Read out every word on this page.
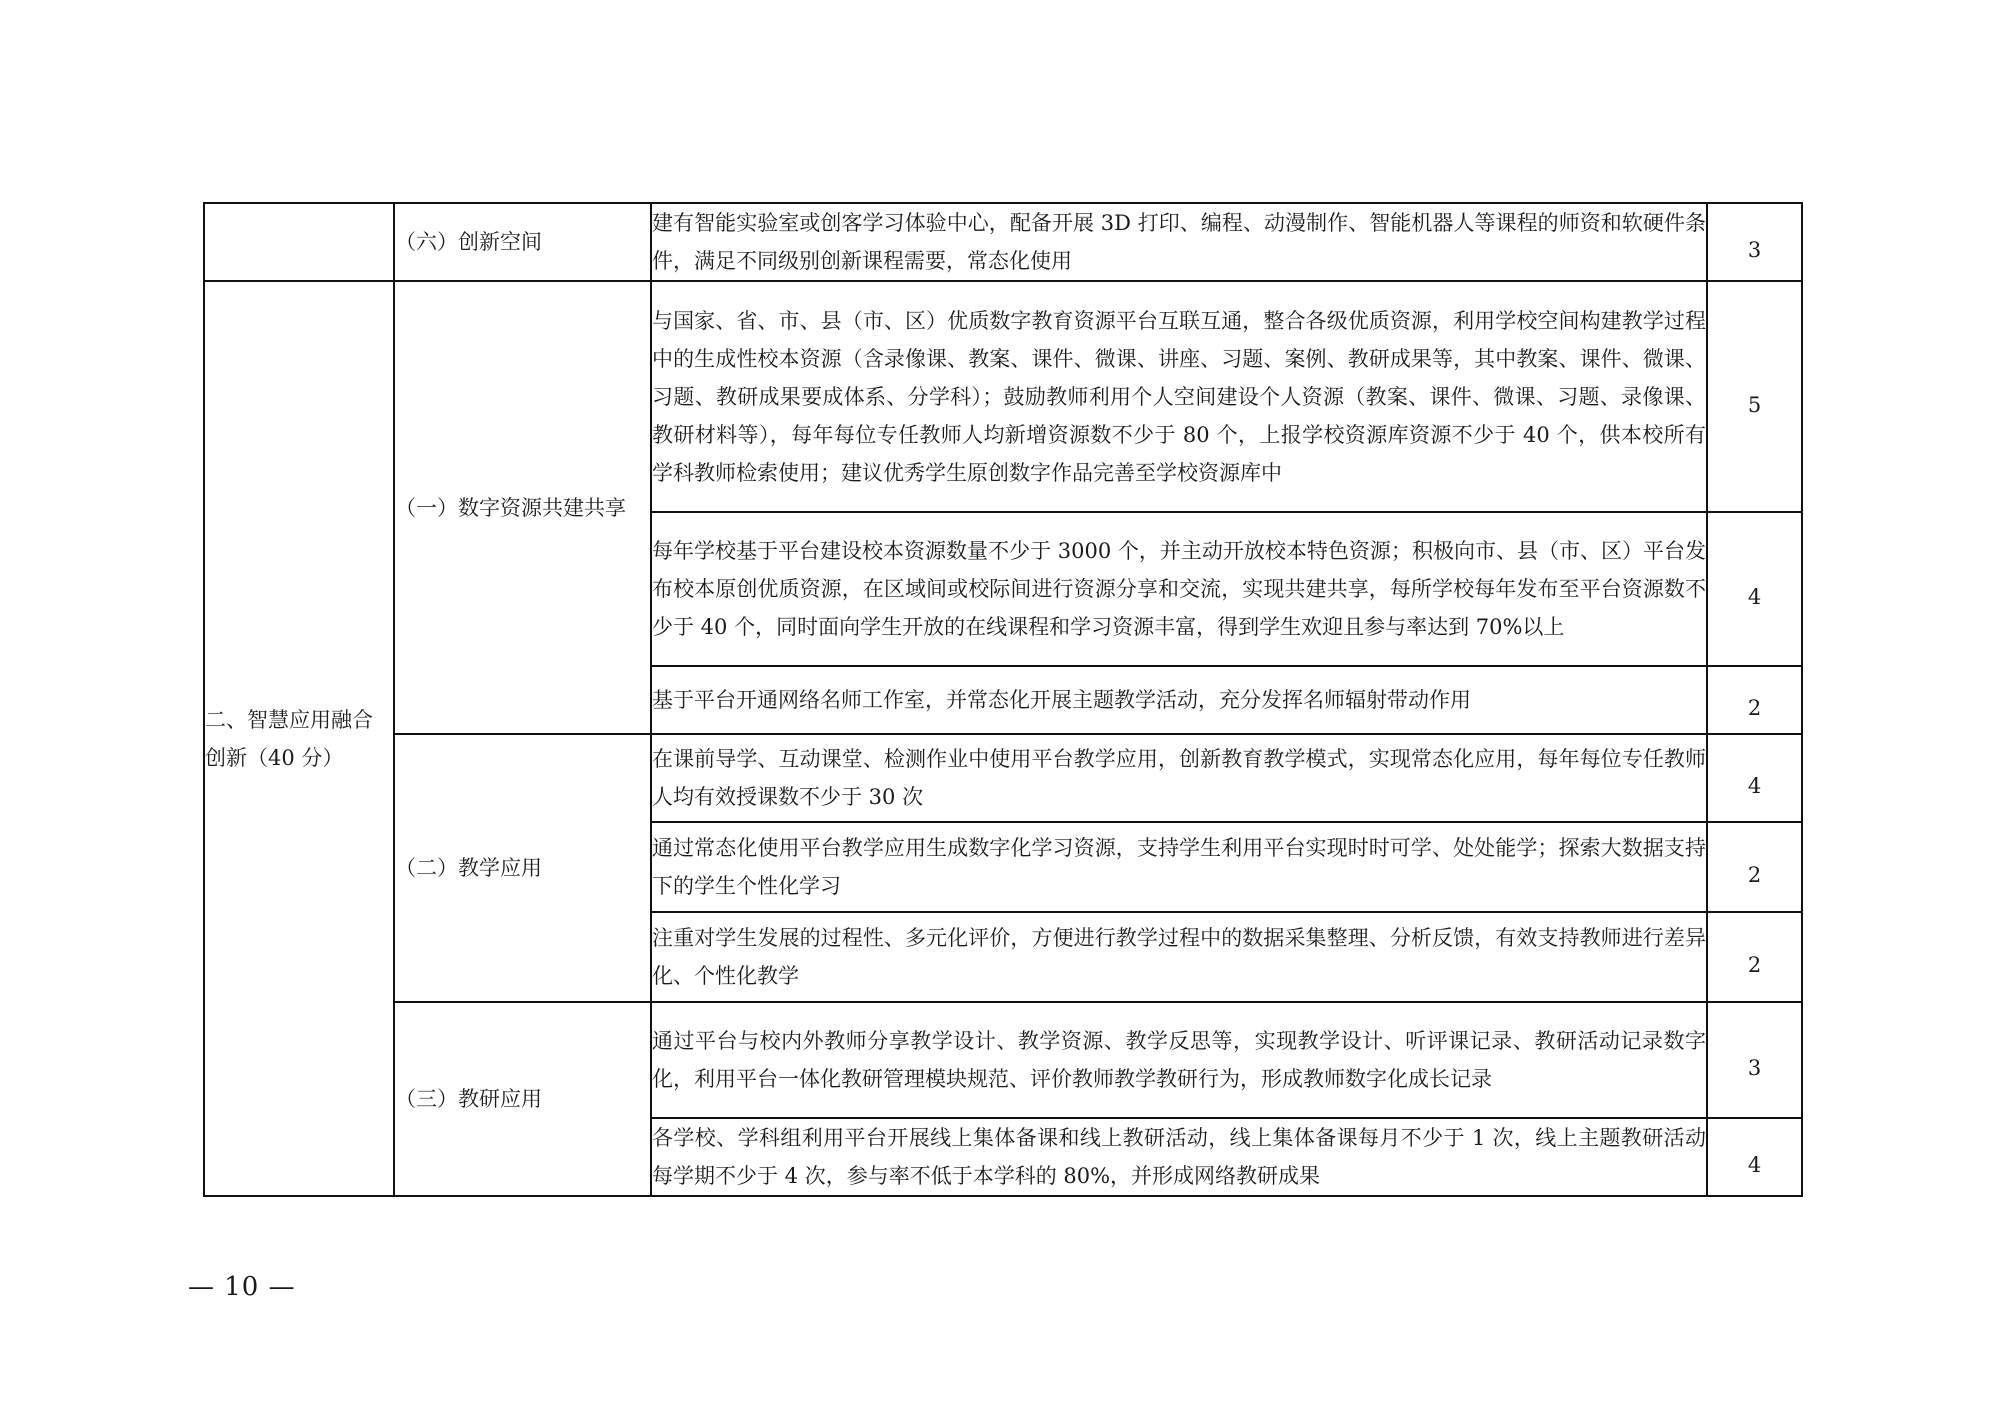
	（六）创新空间	建有智能实验室或创客学习体验中心，配备开展 3D 打印、编程、动漫制作、智能机器人等课程的师资和软硬件条件，满足不同级别创新课程需要，常态化使用	3
二、智慧应用融合创新（40 分）	（一）数字资源共建共享	与国家、省、市、县（市、区）优质数字教育资源平台互联互通，整合各级优质资源，利用学校空间构建教学过程中的生成性校本资源（含录像课、教案、课件、微课、讲座、习题、案例、教研成果等，其中教案、课件、微课、习题、教研成果要成体系、分学科）；鼓励教师利用个人空间建设个人资源（教案、课件、微课、习题、录像课、教研材料等），每年每位专任教师人均新增资源数不少于 80 个，上报学校资源库资源不少于 40 个，供本校所有学科教师检索使用；建议优秀学生原创数字作品完善至学校资源库中	5

		每年学校基于平台建设校本资源数量不少于 3000 个，并主动开放校本特色资源；积极向市、县（市、区）平台发布校本原创优质资源，在区域间或校际间进行资源分享和交流，实现共建共享，每所学校每年发布至平台资源数不少于 40 个，同时面向学生开放的在线课程和学习资源丰富，得到学生欢迎且参与率达到 70%以上	4

		基于平台开通网络名师工作室，并常态化开展主题教学活动，充分发挥名师辐射带动作用	2
	（二）教学应用	在课前导学、互动课堂、检测作业中使用平台教学应用，创新教育教学模式，实现常态化应用，每年每位专任教师人均有效授课数不少于 30 次	4

		通过常态化使用平台教学应用生成数字化学习资源，支持学生利用平台实现时时可学、处处能学；探索大数据支持下的学生个性化学习	2

		注重对学生发展的过程性、多元化评价，方便进行教学过程中的数据采集整理、分析反馈，有效支持教师进行差异化、个性化教学	2
	（三）教研应用	通过平台与校内外教师分享教学设计、教学资源、教学反思等，实现教学设计、听评课记录、教研活动记录数字化，利用平台一体化教研管理模块规范、评价教师教学教研行为，形成教师数字化成长记录	3

		各学校、学科组利用平台开展线上集体备课和线上教研活动，线上集体备课每月不少于 1 次，线上主题教研活动每学期不少于 4 次，参与率不低于本学科的 80%，并形成网络教研成果	4
— 10 —
